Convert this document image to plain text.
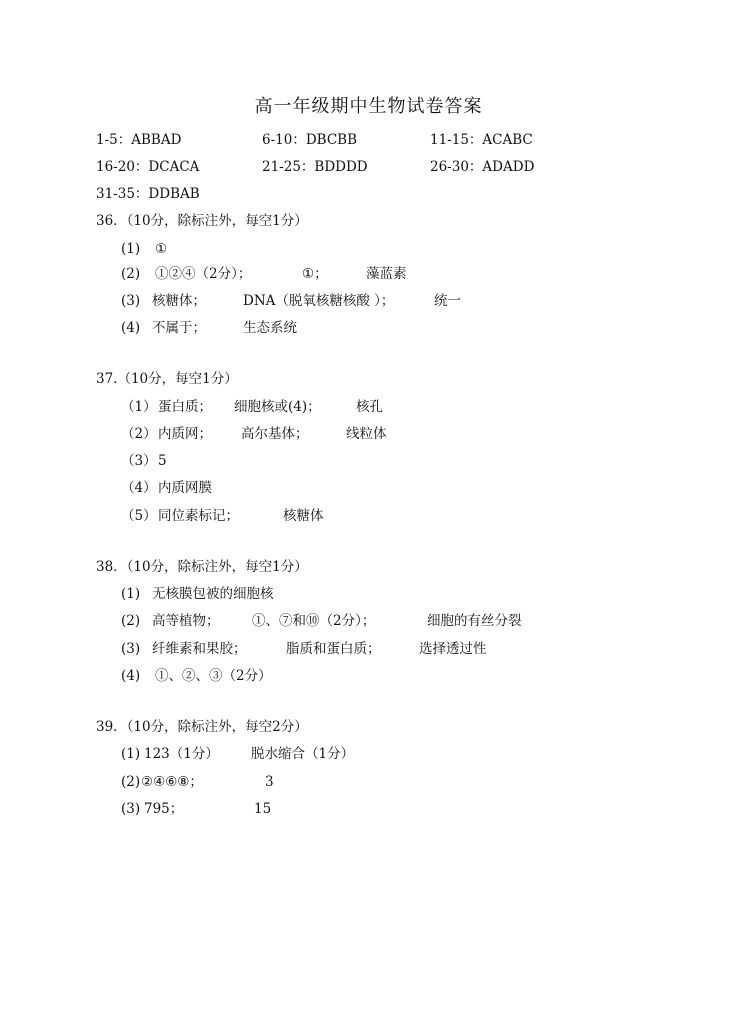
高一年级期中生物试卷答案
1-5：ABBAD	6-10：DBCBB	11-15：ACABC
16-20：DCACA	21-25：BDDDD	26-30：ADADD
31-35：DDBAB
36．（10分，除标注外，每空1分）
(1) ①
(2) ①②④（2分）；	①；	藻蓝素
(3) 核糖体；	DNA（脱氧核糖核酸 ）；	统一
(4) 不属于；	生态系统
37.（10分，每空1分）
（1） 蛋白质； 细胞核或(4)；	核孔
（2） 内质网； 高尔基体；	线粒体
（3） 5
（4） 内质网膜
（5） 同位素标记；	核糖体
38．（10分，除标注外，每空1分）
(1) 无核膜包被的细胞核
(2) 高等植物； ①、⑦和⑩（2分）；	细胞的有丝分裂
(3) 纤维素和果胶；	脂质和蛋白质；	选择透过性
(4) ①、②、③（2分）
39．（10分，除标注外，每空2分）
(1) 123（1分） 脱水缩合（1分）
(2) ②④⑥⑧；	3
(3) 795；	15
